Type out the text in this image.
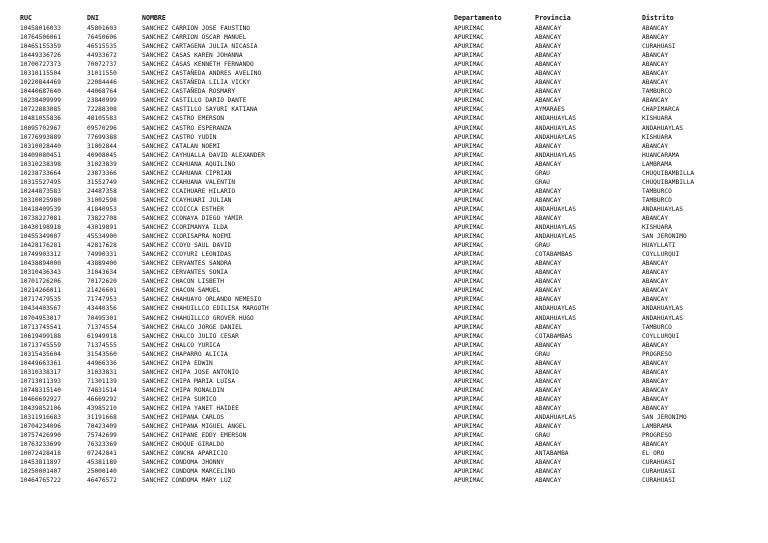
RUC	DNI	NOMBRE	Departamento	Provincia	Distrito
10458016033	45801603	SANCHEZ CARRION JOSE FAUSTINO	APURIMAC	ABANCAY	ABANCAY
10764506061	76450606	SANCHEZ CARRION OSCAR MANUEL	APURIMAC	ABANCAY	ABANCAY
10465155359	46515535	SANCHEZ CARTAGENA JULIA NICASIA	APURIMAC	ABANCAY	CURAHUASI
10449336726	44933672	SANCHEZ CASAS KAREN JOHANNA	APURIMAC	ABANCAY	ABANCAY
10700727373	70072737	SANCHEZ CASAS KENNETH FERNANDO	APURIMAC	ABANCAY	ABANCAY
10310115504	31011550	SANCHEZ CASTAÑEDA ANDRES AVELINO	APURIMAC	ABANCAY	ABANCAY
10220844469	22084446	SANCHEZ CASTAÑEDA LILIA VICKY	APURIMAC	ABANCAY	ABANCAY
10440687640	44068764	SANCHEZ CASTAÑEDA ROSMARY	APURIMAC	ABANCAY	TAMBURCO
10238409999	23840999	SANCHEZ CASTILLO DARIO DANTE	APURIMAC	ABANCAY	ABANCAY
10722883085	72288308	SANCHEZ CASTILLO SAYURI KATIANA	APURIMAC	AYMARAES	CHAPIMARCA
10481055836	48105583	SANCHEZ CASTRO EMERSON	APURIMAC	ANDAHUAYLAS	KISHUARA
10095702967	09570296	SANCHEZ CASTRO ESPERANZA	APURIMAC	ANDAHUAYLAS	ANDAHUAYLAS
10776993889	77699388	SANCHEZ CASTRO YUDIN	APURIMAC	ANDAHUAYLAS	KISHUARA
10310028440	31002844	SANCHEZ CATALAN NOEMI	APURIMAC	ABANCAY	ABANCAY
10409080451	40908045	SANCHEZ CAYHUALLA DAVID ALEXANDER	APURIMAC	ANDAHUAYLAS	HUANCARAMA
10310238398	31023839	SANCHEZ CCAHUANA AQUILINO	APURIMAC	ABANCAY	LAMBRAMA
10238733664	23873366	SANCHEZ CCAHUANA CIPRIAN	APURIMAC	GRAU	CHUQUIBAMBILLA
10315527495	31552749	SANCHEZ CCAHUANA VALENTIN	APURIMAC	GRAU	CHUQUIBAMBILLA
10244873583	24487358	SANCHEZ CCAIHUARE HILARIO	APURIMAC	ABANCAY	TAMBURCO
10310025980	31002598	SANCHEZ CCAYHUARI JULIAN	APURIMAC	ABANCAY	TAMBURCO
10418409539	41840953	SANCHEZ CCOICCA ESTHER	APURIMAC	ANDAHUAYLAS	ANDAHUAYLAS
10738227081	73822708	SANCHEZ CCONAYA DIEGO YAMIR	APURIMAC	ABANCAY	ABANCAY
10430198918	43019891	SANCHEZ CCORIMANYA ILDA	APURIMAC	ANDAHUAYLAS	KISHUARA
10455349007	45534900	SANCHEZ CCORISAPRA NOEMI	APURIMAC	ANDAHUAYLAS	SAN JERONIMO
10428176281	42817628	SANCHEZ CCOYO SAUL DAVID	APURIMAC	GRAU	HUAYLLATI
10749903312	74990331	SANCHEZ CCOYURI LEONIDAS	APURIMAC	COTABAMBAS	COYLLURQUI
10438894000	43889400	SANCHEZ CERVANTES SANDRA	APURIMAC	ABANCAY	ABANCAY
10310436343	31043634	SANCHEZ CERVANTES SONIA	APURIMAC	ABANCAY	ABANCAY
10701726206	70172620	SANCHEZ CHACON LISBETH	APURIMAC	ABANCAY	ABANCAY
10214266011	21426601	SANCHEZ CHACON SAMUEL	APURIMAC	ABANCAY	ABANCAY
10717479535	71747953	SANCHEZ CHAHUAYO ORLANDO NEMESIO	APURIMAC	ABANCAY	ABANCAY
10434403567	43440356	SANCHEZ CHAHUILLCO EDILISA MARGOTH	APURIMAC	ANDAHUAYLAS	ANDAHUAYLAS
10704953017	70495301	SANCHEZ CHAHUILLCO GROVER HUGO	APURIMAC	ANDAHUAYLAS	ANDAHUAYLAS
10713745541	71374554	SANCHEZ CHALCO JORGE DANIEL	APURIMAC	ABANCAY	TAMBURCO
10619499188	61949918	SANCHEZ CHALCO JULIO CESAR	APURIMAC	COTABAMBAS	COYLLURQUI
10713745559	71374555	SANCHEZ CHALCO YURICA	APURIMAC	ABANCAY	ABANCAY
10315435604	31543560	SANCHEZ CHAPARRO ALICIA	APURIMAC	GRAU	PROGRESO
10449663361	44966336	SANCHEZ CHIPA EDWIN	APURIMAC	ABANCAY	ABANCAY
10310338317	31033831	SANCHEZ CHIPA JOSE ANTONIO	APURIMAC	ABANCAY	ABANCAY
10713011393	71301139	SANCHEZ CHIPA MARIA LUISA	APURIMAC	ABANCAY	ABANCAY
10748315140	74831514	SANCHEZ CHIPA RONALDIN	APURIMAC	ABANCAY	ABANCAY
10466692927	46669292	SANCHEZ CHIPA SUMICO	APURIMAC	ABANCAY	ABANCAY
10439852106	43985210	SANCHEZ CHIPA YANET HAIDEE	APURIMAC	ABANCAY	ABANCAY
10311916683	31191668	SANCHEZ CHIPANA CARLOS	APURIMAC	ANDAHUAYLAS	SAN JERONIMO
10704234096	70423409	SANCHEZ CHIPANA MIGUEL ANGEL	APURIMAC	ABANCAY	LAMBRAMA
10757426990	75742699	SANCHEZ CHIPANE EDDY EMERSON	APURIMAC	GRAU	PROGRESO
10763233699	76323369	SANCHEZ CHOQUE GIRALDO	APURIMAC	ABANCAY	ABANCAY
10072428418	07242841	SANCHEZ CONCHA APARICIO	APURIMAC	ANTABAMBA	EL ORO
10453811897	45381189	SANCHEZ CONDOMA JHONNY	APURIMAC	ABANCAY	CURAHUASI
10250001407	25000140	SANCHEZ CONDOMA MARCELINO	APURIMAC	ABANCAY	CURAHUASI
10464765722	46476572	SANCHEZ CONDOMA MARY LUZ	APURIMAC	ABANCAY	CURAHUASI
